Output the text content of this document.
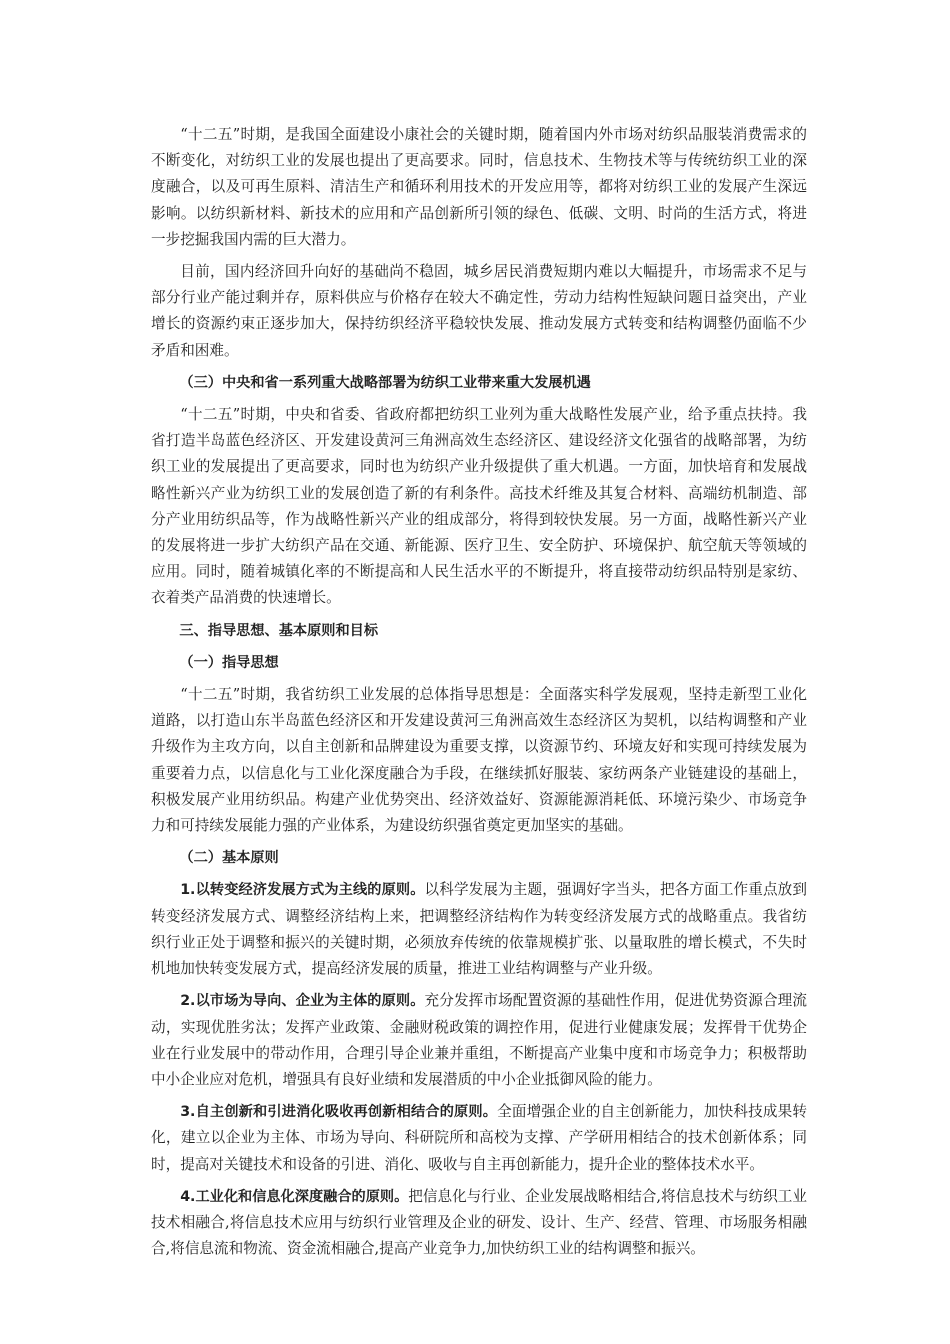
“十二五”时期，是我国全面建设小康社会的关键时期，随着国内外市场对纺织品服装消费需求的不断变化，对纺织工业的发展也提出了更高要求。同时，信息技术、生物技术等与传统纺织工业的深度融合，以及可再生原料、清洁生产和循环利用技术的开发应用等，都将对纺织工业的发展产生深远影响。以纺织新材料、新技术的应用和产品创新所引领的绿色、低碳、文明、时尚的生活方式，将进一步挖掘我国内需的巨大潜力。

目前，国内经济回升向好的基础尚不稳固，城乡居民消费短期内难以大幅提升，市场需求不足与部分行业产能过剩并存，原料供应与价格存在较大不确定性，劳动力结构性短缺问题日益突出，产业增长的资源约束正逐步加大，保持纺织经济平稳较快发展、推动发展方式转变和结构调整仍面临不少矛盾和困难。

（三）中央和省一系列重大战略部署为纺织工业带来重大发展机遇

“十二五”时期，中央和省委、省政府都把纺织工业列为重大战略性发展产业，给予重点扶持。我省打造半岛蓝色经济区、开发建设黄河三角洲高效生态经济区、建设经济文化强省的战略部署，为纺织工业的发展提出了更高要求，同时也为纺织产业升级提供了重大机遇。一方面，加快培育和发展战略性新兴产业为纺织工业的发展创造了新的有利条件。高技术纤维及其复合材料、高端纺机制造、部分产业用纺织品等，作为战略性新兴产业的组成部分，将得到较快发展。另一方面，战略性新兴产业的发展将进一步扩大纺织产品在交通、新能源、医疗卫生、安全防护、环境保护、航空航天等领域的应用。同时，随着城镇化率的不断提高和人民生活水平的不断提升，将直接带动纺织品特别是家纺、衣着类产品消费的快速增长。

三、指导思想、基本原则和目标

（一）指导思想

“十二五”时期，我省纺织工业发展的总体指导思想是：全面落实科学发展观，坚持走新型工业化道路，以打造山东半岛蓝色经济区和开发建设黄河三角洲高效生态经济区为契机，以结构调整和产业升级作为主攻方向，以自主创新和品牌建设为重要支撑，以资源节约、环境友好和实现可持续发展为重要着力点，以信息化与工业化深度融合为手段，在继续抓好服装、家纺两条产业链建设的基础上，积极发展产业用纺织品。构建产业优势突出、经济效益好、资源能源消耗低、环境污染少、市场竞争力和可持续发展能力强的产业体系，为建设纺织强省奠定更加坚实的基础。

（二）基本原则

1.以转变经济发展方式为主线的原则。以科学发展为主题，强调好字当头，把各方面工作重点放到转变经济发展方式、调整经济结构上来，把调整经济结构作为转变经济发展方式的战略重点。我省纺织行业正处于调整和振兴的关键时期，必须放弃传统的依靠规模扩张、以量取胜的增长模式，不失时机地加快转变发展方式，提高经济发展的质量，推进工业结构调整与产业升级。

2.以市场为导向、企业为主体的原则。充分发挥市场配置资源的基础性作用，促进优势资源合理流动，实现优胜劣汰；发挥产业政策、金融财税政策的调控作用，促进行业健康发展；发挥骨干优势企业在行业发展中的带动作用，合理引导企业兼并重组，不断提高产业集中度和市场竞争力；积极帮助中小企业应对危机，增强具有良好业绩和发展潜质的中小企业抵御风险的能力。

3.自主创新和引进消化吸收再创新相结合的原则。全面增强企业的自主创新能力，加快科技成果转化，建立以企业为主体、市场为导向、科研院所和高校为支撑、产学研用相结合的技术创新体系；同时，提高对关键技术和设备的引进、消化、吸收与自主再创新能力，提升企业的整体技术水平。

4.工业化和信息化深度融合的原则。把信息化与行业、企业发展战略相结合,将信息技术与纺织工业技术相融合,将信息技术应用与纺织行业管理及企业的研发、设计、生产、经营、管理、市场服务相融合,将信息流和物流、资金流相融合,提高产业竞争力,加快纺织工业的结构调整和振兴。
